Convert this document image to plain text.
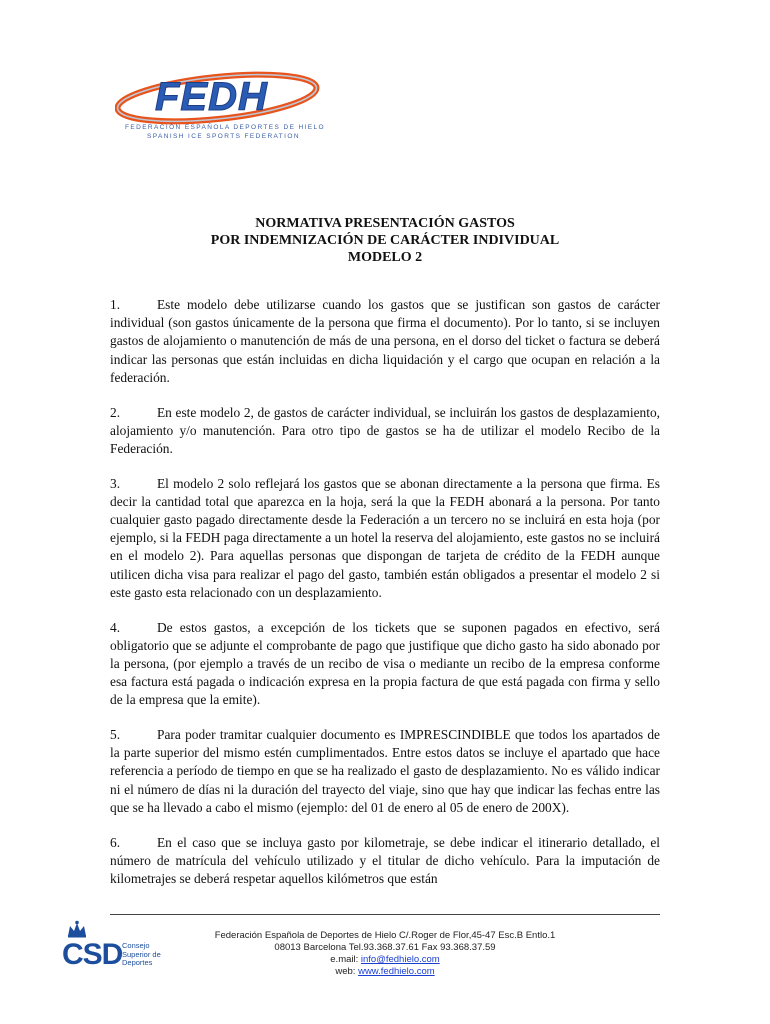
FEDH
FEDERACIÓN ESPAÑOLA DEPORTES DE HIELO
SPANISH ICE SPORTS FEDERATION
NORMATIVA PRESENTACIÓN GASTOS
POR INDEMNIZACIÓN DE CARÁCTER INDIVIDUAL
MODELO 2

1.	Este modelo debe utilizarse cuando los gastos que se justifican son gastos de carácter individual (son gastos únicamente de la persona que firma el documento). Por lo tanto, si se incluyen gastos de alojamiento o manutención de más de una persona, en el dorso del ticket o factura se deberá indicar las personas que están incluidas en dicha liquidación y el cargo que ocupan en relación a la federación.

2.	En este modelo 2, de gastos de carácter individual, se incluirán los gastos de desplazamiento, alojamiento y/o manutención. Para otro tipo de gastos se ha de utilizar el modelo Recibo de la Federación.

3.	El modelo 2 solo reflejará los gastos que se abonan directamente a la persona que firma. Es decir la cantidad total que aparezca en la hoja, será la que la FEDH abonará a la persona. Por tanto cualquier gasto pagado directamente desde la Federación a un tercero no se incluirá en esta hoja (por ejemplo, si la FEDH paga directamente a un hotel la reserva del alojamiento, este gastos no se incluirá en el modelo 2). Para aquellas personas que dispongan de tarjeta de crédito de la FEDH aunque utilicen dicha visa para realizar el pago del gasto, también están obligados a presentar el modelo 2 si este gasto esta relacionado con un desplazamiento.

4.	De estos gastos, a excepción de los tickets que se suponen pagados en efectivo, será obligatorio que se adjunte el comprobante de pago que justifique que dicho gasto ha sido abonado por la persona, (por ejemplo a través de un recibo de visa o mediante un recibo de la empresa conforme esa factura está pagada o indicación expresa en la propia factura de que está pagada con firma y sello de la empresa que la emite).

5.	Para poder tramitar cualquier documento es IMPRESCINDIBLE que todos los apartados de la parte superior del mismo estén cumplimentados. Entre estos datos se incluye el apartado que hace referencia a período de tiempo en que se ha realizado el gasto de desplazamiento. No es válido indicar ni el número de días ni la duración del trayecto del viaje, sino que hay que indicar las fechas entre las que se ha llevado a cabo el mismo (ejemplo: del 01 de enero al 05 de enero de 200X).

6.	En el caso que se incluya gasto por kilometraje, se debe indicar el itinerario detallado, el número de matrícula del vehículo utilizado y el titular de dicho vehículo. Para la imputación de kilometrajes se deberá respetar aquellos kilómetros que están

CSD Consejo
Superior de
Deportes
Federación Española de Deportes de Hielo C/.Roger de Flor,45-47 Esc.B Entlo.1
08013 Barcelona Tel.93.368.37.61 Fax 93.368.37.59
e.mail: info@fedhielo.com
web: www.fedhielo.com
